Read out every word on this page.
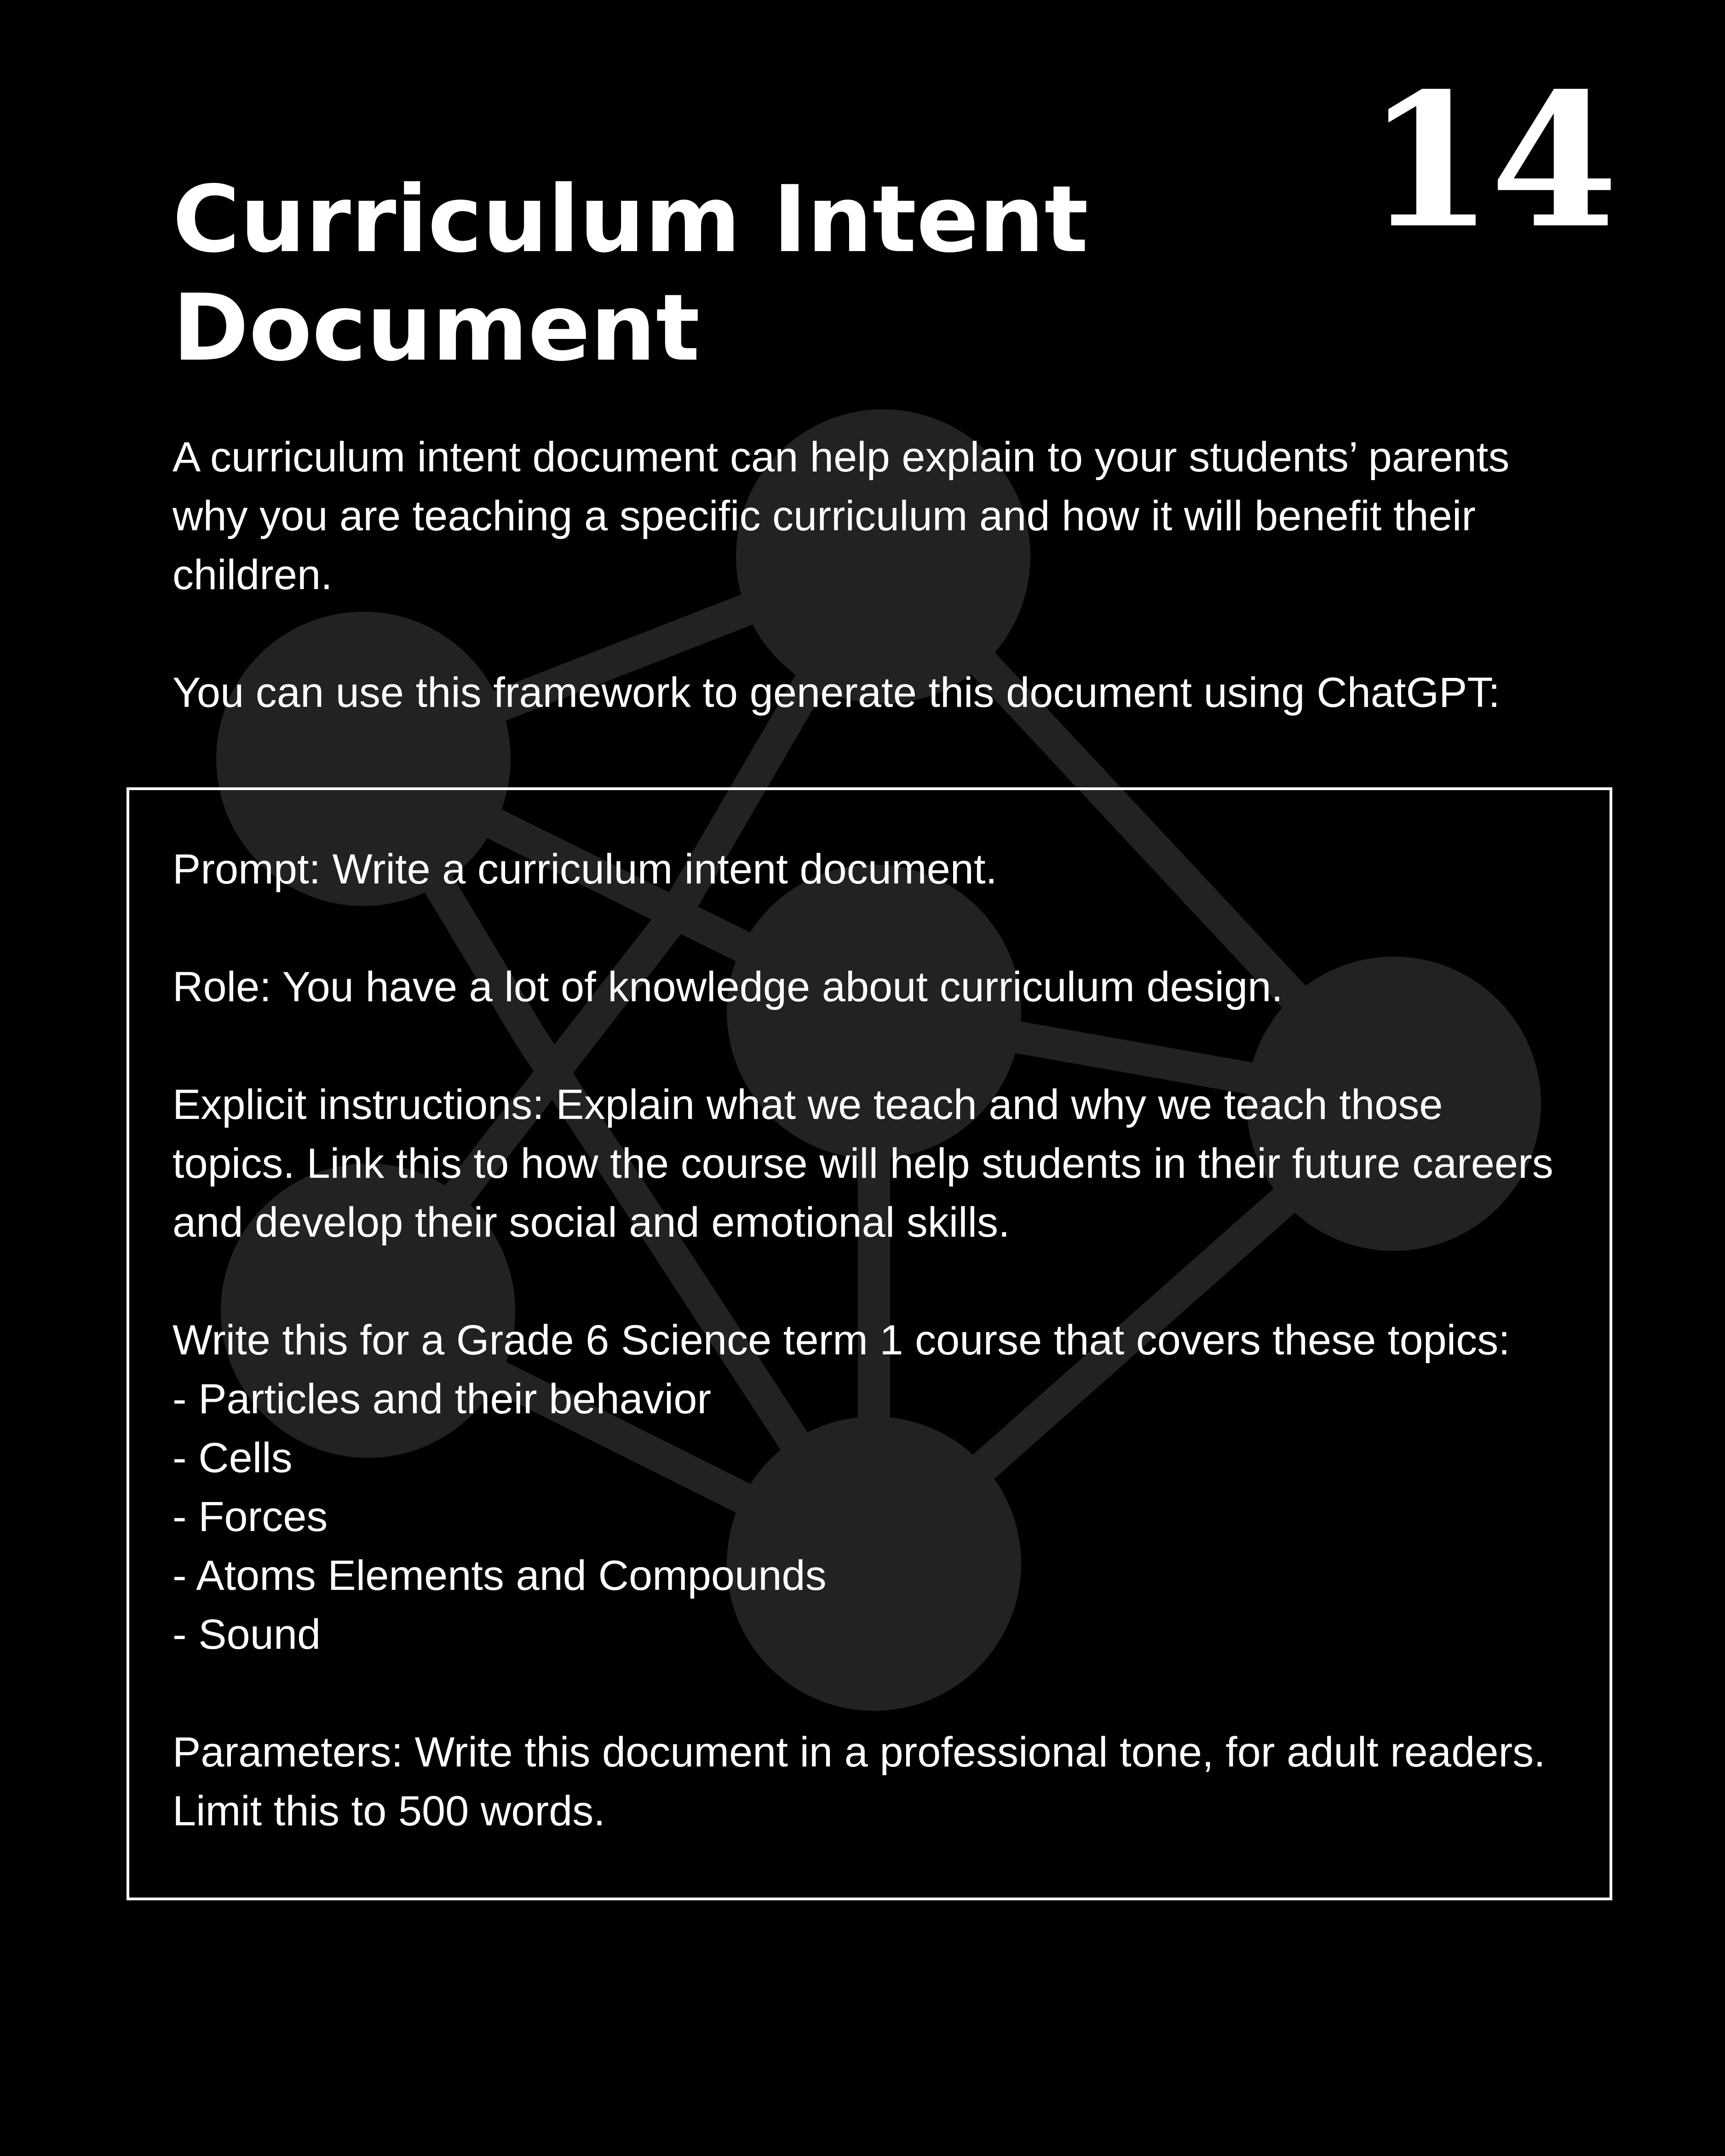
14
Curriculum Intent
Document

A curriculum intent document can help explain to your students’ parents
why you are teaching a specific curriculum and how it will benefit their
children.

You can use this framework to generate this document using ChatGPT:

Prompt: Write a curriculum intent document.

Role: You have a lot of knowledge about curriculum design.

Explicit instructions: Explain what we teach and why we teach those
topics. Link this to how the course will help students in their future careers
and develop their social and emotional skills.

Write this for a Grade 6 Science term 1 course that covers these topics:

- Particles and their behavior
- Cells
- Forces
- Atoms Elements and Compounds
- Sound

Parameters: Write this document in a professional tone, for adult readers.
Limit this to 500 words.
